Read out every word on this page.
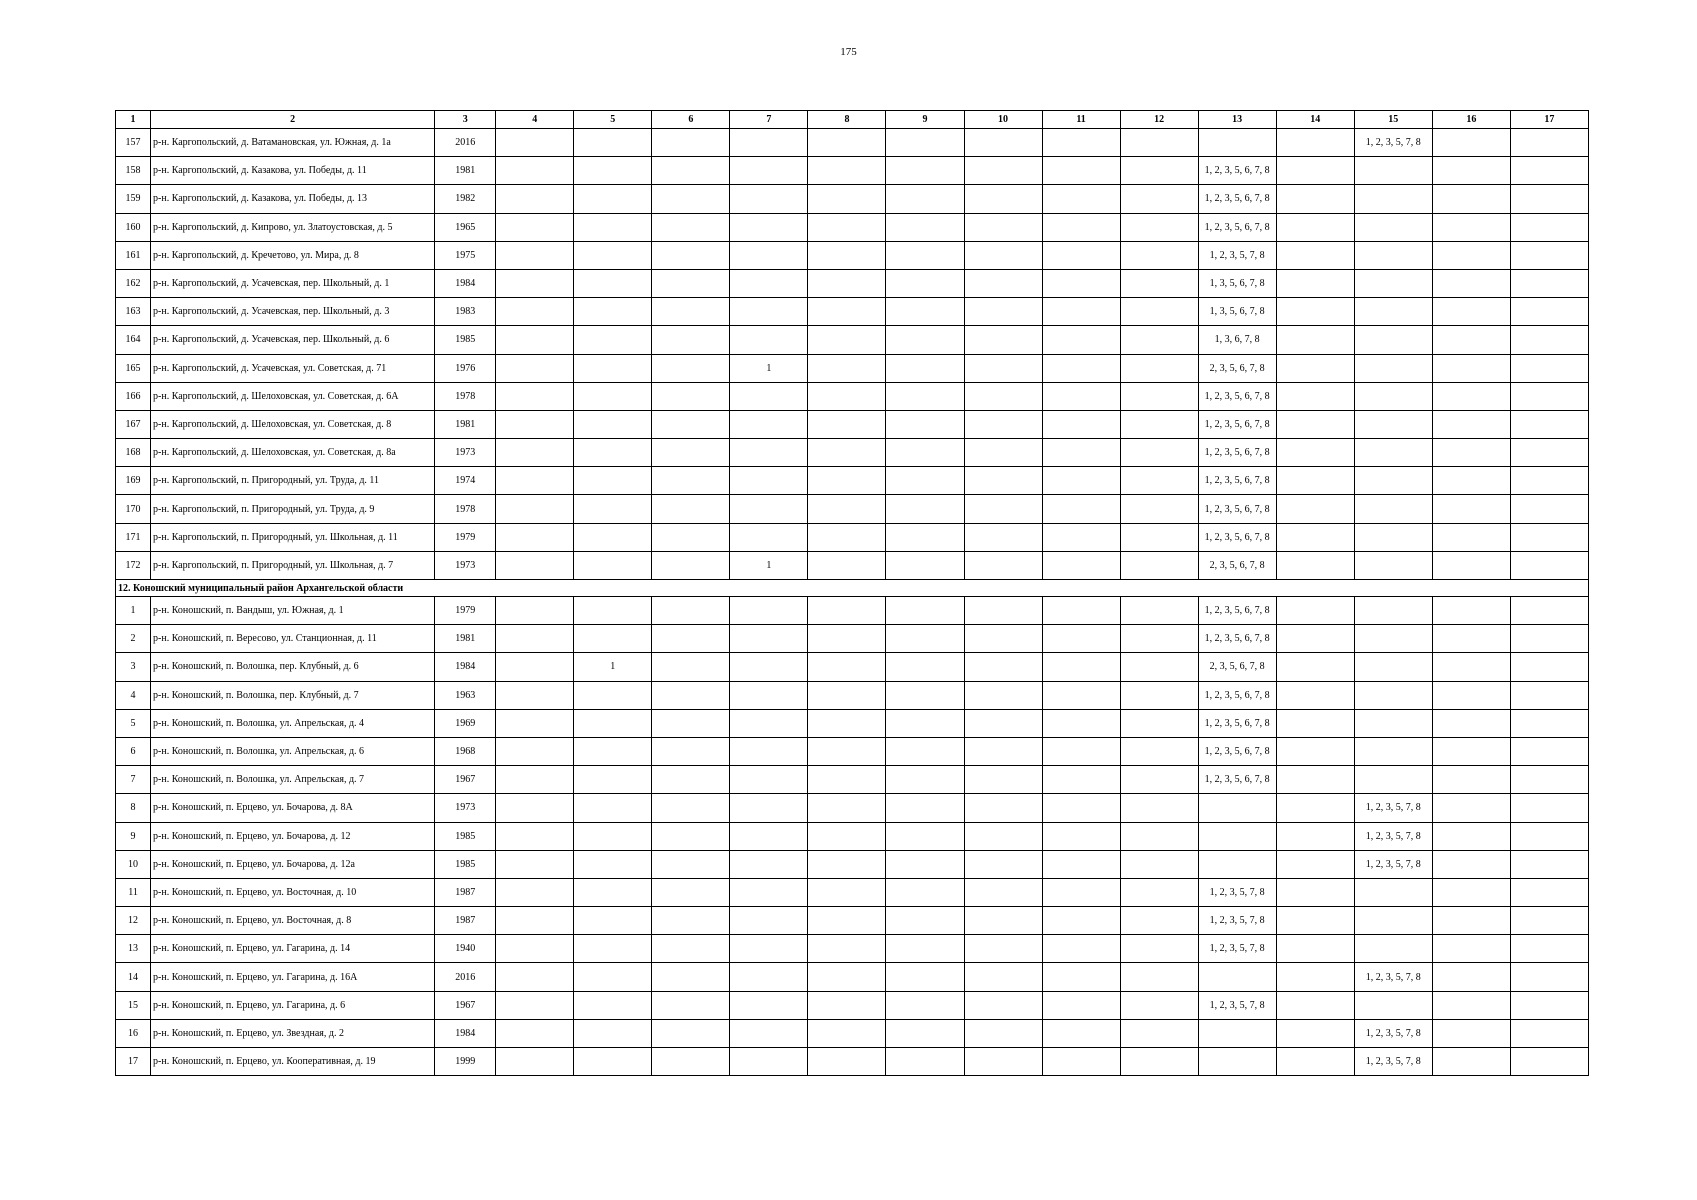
175
1	2	3	4	5	6	7	8	9	10	11	12	13	14	15	16	17
157	р-н. Каргопольский, д. Ватамановская, ул. Южная, д. 1а	2016												1, 2, 3, 5, 7, 8		
158	р-н. Каргопольский, д. Казакова, ул. Победы, д. 11	1981										1, 2, 3, 5, 6, 7, 8				
159	р-н. Каргопольский, д. Казакова, ул. Победы, д. 13	1982										1, 2, 3, 5, 6, 7, 8				
160	р-н. Каргопольский, д. Кипрово, ул. Златоустовская, д. 5	1965										1, 2, 3, 5, 6, 7, 8				
161	р-н. Каргопольский, д. Кречетово, ул. Мира, д. 8	1975										1, 2, 3, 5, 7, 8				
162	р-н. Каргопольский, д. Усачевская, пер. Школьный, д. 1	1984										1, 3, 5, 6, 7, 8				
163	р-н. Каргопольский, д. Усачевская, пер. Школьный, д. 3	1983										1, 3, 5, 6, 7, 8				
164	р-н. Каргопольский, д. Усачевская, пер. Школьный, д. 6	1985										1, 3, 6, 7, 8				
165	р-н. Каргопольский, д. Усачевская, ул. Советская, д. 71	1976				1						2, 3, 5, 6, 7, 8				
166	р-н. Каргопольский, д. Шелоховская, ул. Советская, д. 6А	1978										1, 2, 3, 5, 6, 7, 8				
167	р-н. Каргопольский, д. Шелоховская, ул. Советская, д. 8	1981										1, 2, 3, 5, 6, 7, 8				
168	р-н. Каргопольский, д. Шелоховская, ул. Советская, д. 8а	1973										1, 2, 3, 5, 6, 7, 8				
169	р-н. Каргопольский, п. Пригородный, ул. Труда, д. 11	1974										1, 2, 3, 5, 6, 7, 8				
170	р-н. Каргопольский, п. Пригородный, ул. Труда, д. 9	1978										1, 2, 3, 5, 6, 7, 8				
171	р-н. Каргопольский, п. Пригородный, ул. Школьная, д. 11	1979										1, 2, 3, 5, 6, 7, 8				
172	р-н. Каргопольский, п. Пригородный, ул. Школьная, д. 7	1973				1						2, 3, 5, 6, 7, 8				
12. Коношский муниципальный район Архангельской области																
1	р-н. Коношский, п. Вандыш, ул. Южная, д. 1	1979										1, 2, 3, 5, 6, 7, 8				
2	р-н. Коношский, п. Вересово, ул. Станционная, д. 11	1981										1, 2, 3, 5, 6, 7, 8				
3	р-н. Коношский, п. Волошка, пер. Клубный, д. 6	1984		1								2, 3, 5, 6, 7, 8				
4	р-н. Коношский, п. Волошка, пер. Клубный, д. 7	1963										1, 2, 3, 5, 6, 7, 8				
5	р-н. Коношский, п. Волошка, ул. Апрельская, д. 4	1969										1, 2, 3, 5, 6, 7, 8				
6	р-н. Коношский, п. Волошка, ул. Апрельская, д. 6	1968										1, 2, 3, 5, 6, 7, 8				
7	р-н. Коношский, п. Волошка, ул. Апрельская, д. 7	1967										1, 2, 3, 5, 6, 7, 8				
8	р-н. Коношский, п. Ерцево, ул. Бочарова, д. 8А	1973												1, 2, 3, 5, 7, 8		
9	р-н. Коношский, п. Ерцево, ул. Бочарова, д. 12	1985												1, 2, 3, 5, 7, 8		
10	р-н. Коношский, п. Ерцево, ул. Бочарова, д. 12а	1985												1, 2, 3, 5, 7, 8		
11	р-н. Коношский, п. Ерцево, ул. Восточная, д. 10	1987										1, 2, 3, 5, 7, 8				
12	р-н. Коношский, п. Ерцево, ул. Восточная, д. 8	1987										1, 2, 3, 5, 7, 8				
13	р-н. Коношский, п. Ерцево, ул. Гагарина, д. 14	1940										1, 2, 3, 5, 7, 8				
14	р-н. Коношский, п. Ерцево, ул. Гагарина, д. 16А	2016												1, 2, 3, 5, 7, 8		
15	р-н. Коношский, п. Ерцево, ул. Гагарина, д. 6	1967										1, 2, 3, 5, 7, 8				
16	р-н. Коношский, п. Ерцево, ул. Звездная, д. 2	1984												1, 2, 3, 5, 7, 8		
17	р-н. Коношский, п. Ерцево, ул. Кооперативная, д. 19	1999												1, 2, 3, 5, 7, 8		
